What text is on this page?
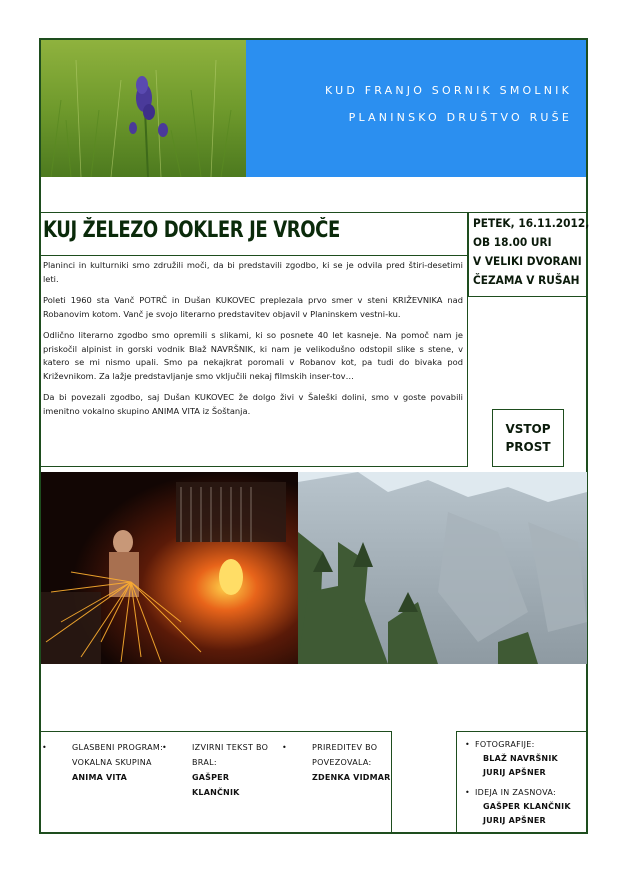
KUD FRANJO SORNIK SMOLNIK
PLANINSKO DRUŠTVO RUŠE
KUJ ŽELEZO DOKLER JE VROČE	PETEK, 16.11.2012,
OB 18.00 URI
V VELIKI DVORANI
ČEZAMA V RUŠAH

Planinci in kulturniki smo združili moči, da bi predstavili zgodbo, ki se je odvila pred štiri-desetimi leti.

Poleti 1960 sta Vanč POTRČ in Dušan KUKOVEC preplezala prvo smer v steni KRIŽEVNIKA nad Robanovim kotom. Vanč je svojo literarno predstavitev objavil v Planinskem vestni-ku.

Odlično literarno zgodbo smo opremili s slikami, ki so posnete 40 let kasneje. Na pomoč nam je priskočil alpinist in gorski vodnik Blaž NAVRŠNIK, ki nam je velikodušno odstopil slike s stene, v katero se mi nismo upali. Smo pa nekajkrat poromali v Robanov kot, pa tudi do bivaka pod Križevnikom. Za lažje predstavljanje smo vključili nekaj filmskih inser-tov…

Da bi povezali zgodbo, saj Dušan KUKOVEC že dolgo živi v Šaleški dolini, smo v goste povabili imenitno vokalno skupino ANIMA VITA iz Šoštanja.

VSTOP
PROST
•	GLASBENI PROGRAM:
VOKALNA SKUPINA
ANIMA VITA
•	IZVIRNI TEKST BO
BRAL:
GAŠPER
KLANČNIK
•	PRIREDITEV BO
POVEZOVALA:
ZDENKA VIDMAR
• FOTOGRAFIJE:
BLAŽ NAVRŠNIK
JURIJ APŠNER
• IDEJA IN ZASNOVA:
GAŠPER KLANČNIK
JURIJ APŠNER
